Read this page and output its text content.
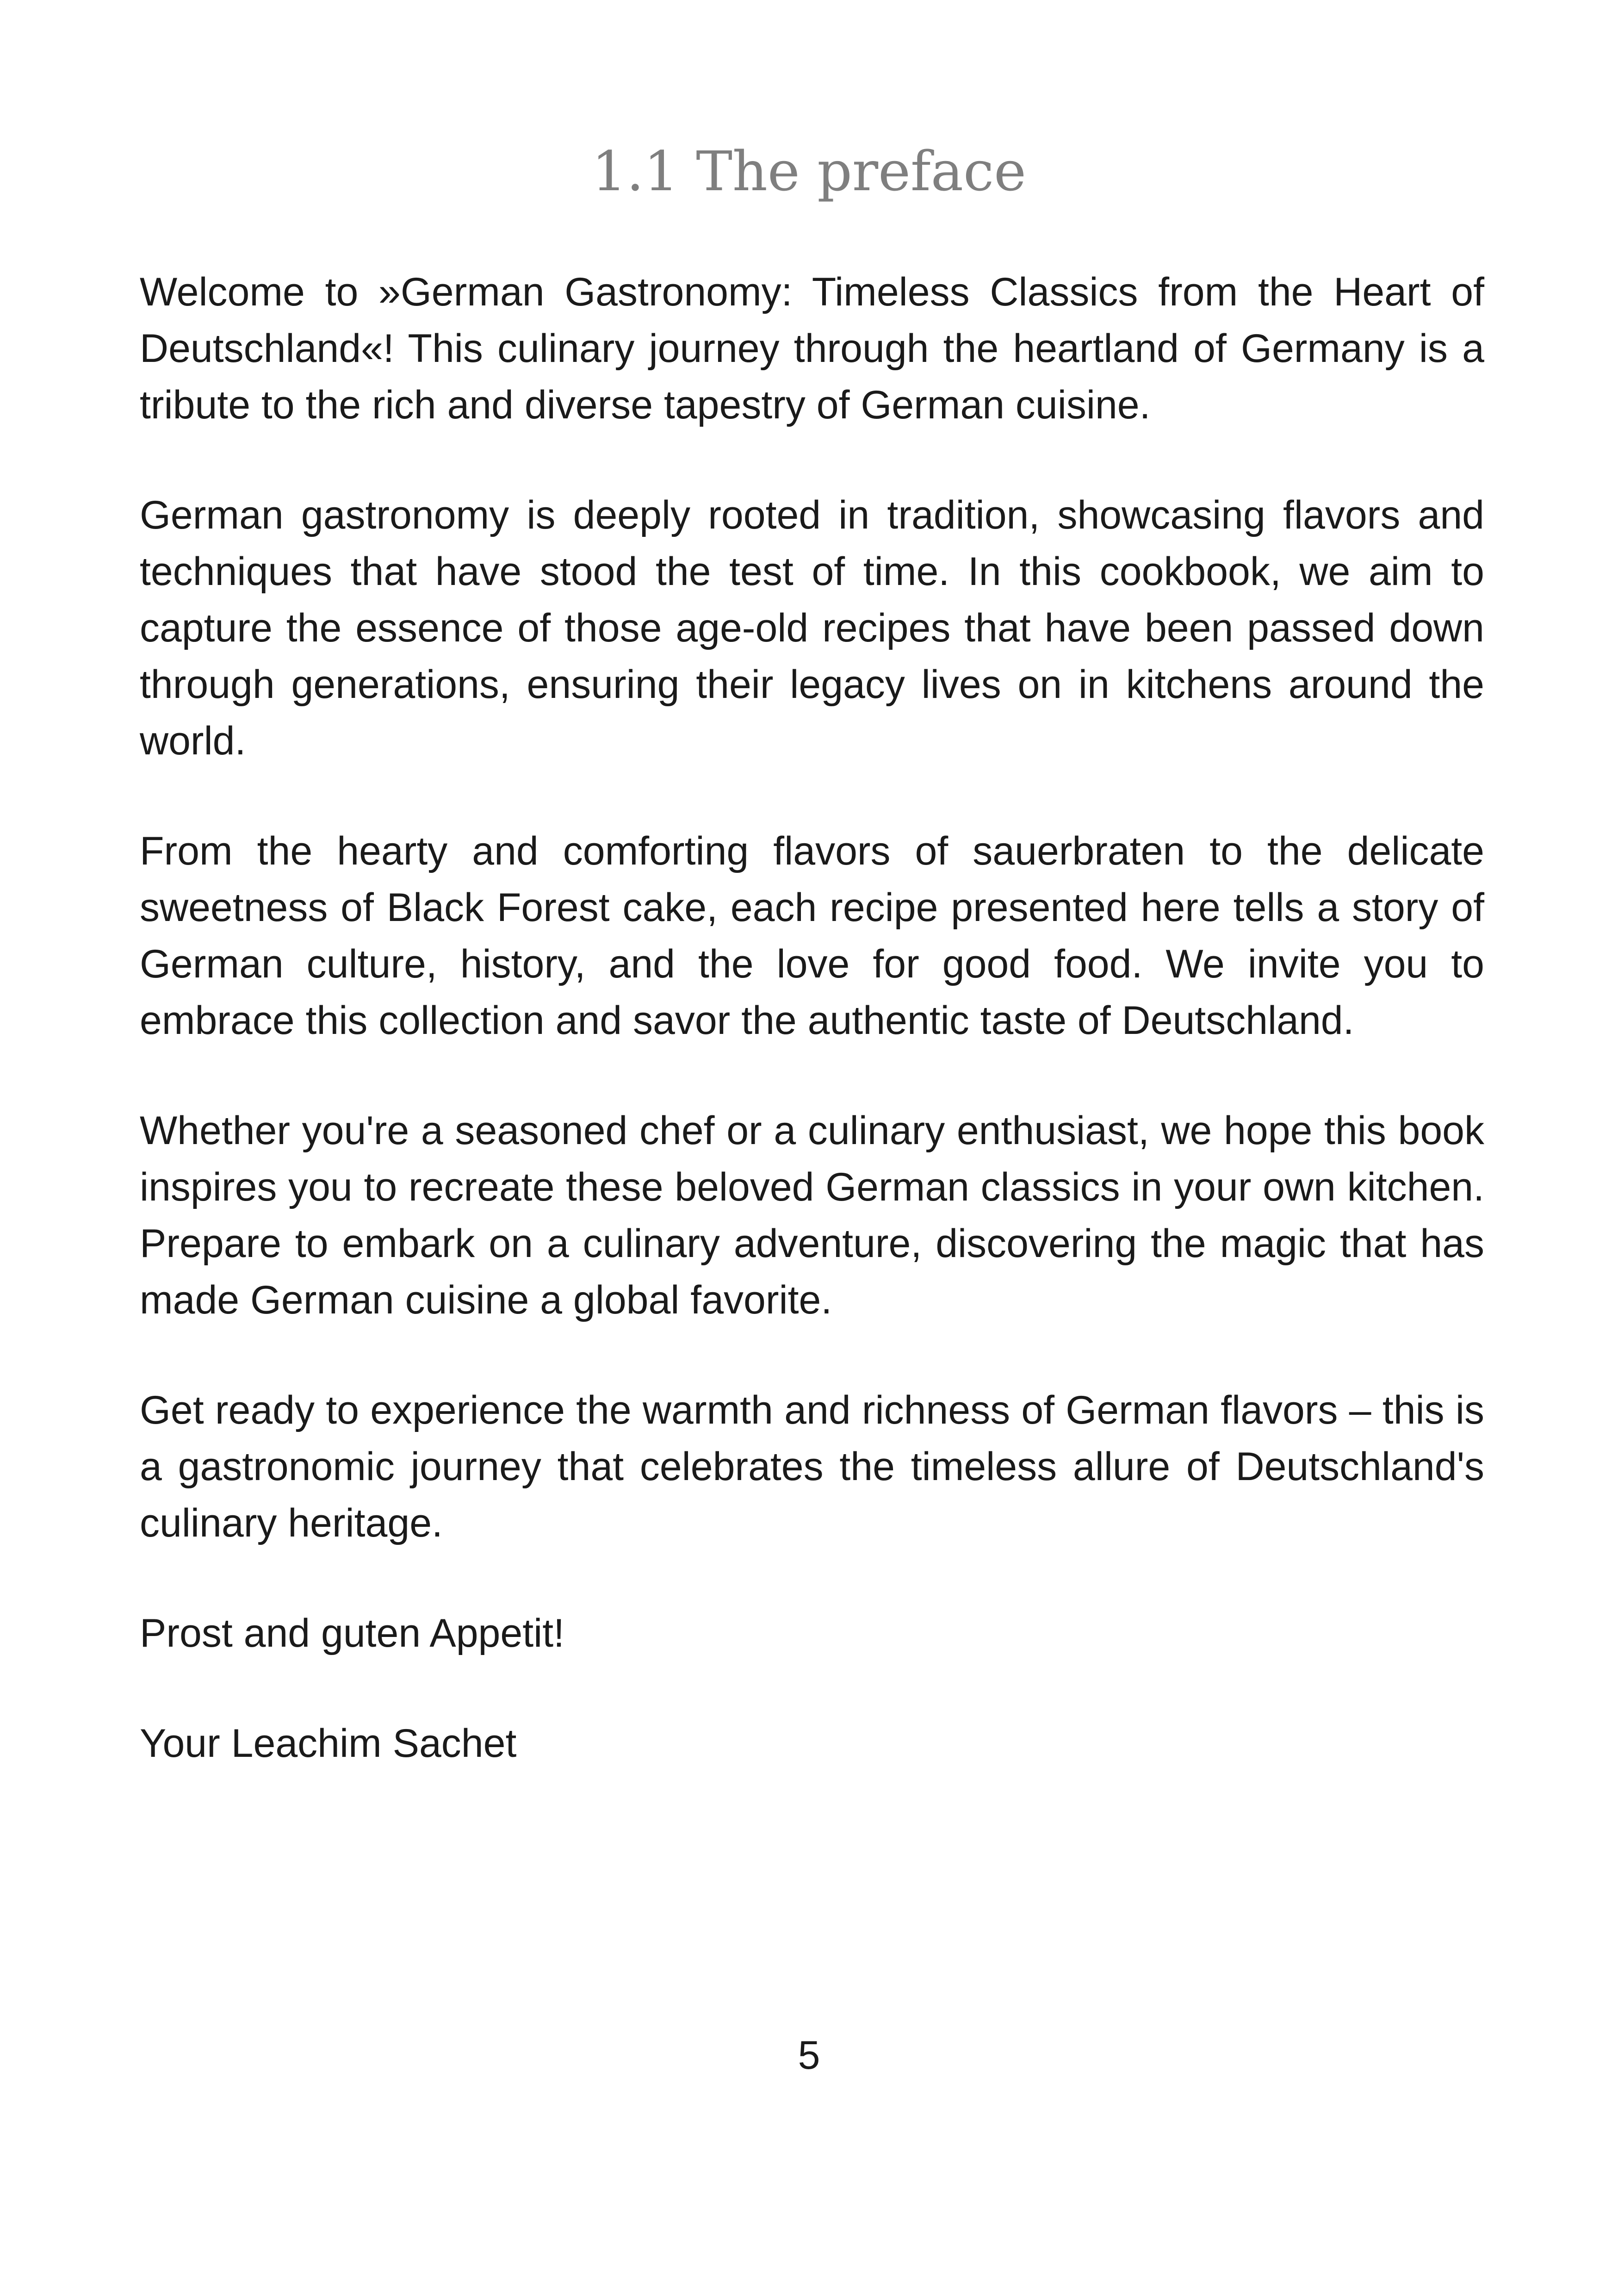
1.1 The preface

Welcome to »German Gastronomy: Timeless Classics from the Heart of Deutschland«! This culinary journey through the heartland of Germany is a tribute to the rich and diverse tapestry of German cuisine.

German gastronomy is deeply rooted in tradition, showcasing flavors and techniques that have stood the test of time. In this cookbook, we aim to capture the essence of those age-old recipes that have been passed down through generations, ensuring their legacy lives on in kitchens around the world.

From the hearty and comforting flavors of sauerbraten to the delicate sweetness of Black Forest cake, each recipe presented here tells a story of German culture, history, and the love for good food. We invite you to embrace this collection and savor the authentic taste of Deutschland.

Whether you're a seasoned chef or a culinary enthusiast, we hope this book inspires you to recreate these beloved German classics in your own kitchen. Prepare to embark on a culinary adventure, discovering the magic that has made German cuisine a global favorite.

Get ready to experience the warmth and richness of German flavors – this is a gastronomic journey that celebrates the timeless allure of Deutschland's culinary heritage.

Prost and guten Appetit!

Your Leachim Sachet

5
